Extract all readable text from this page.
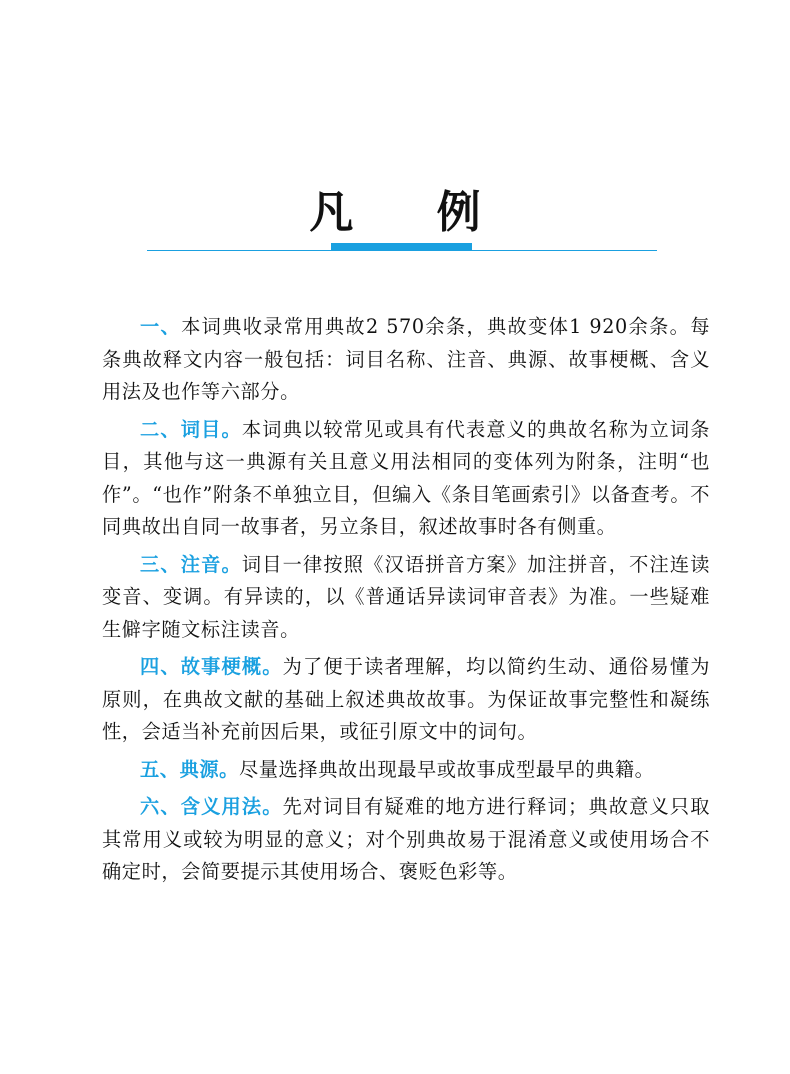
凡 例

一、本词典收录常用典故2 570余条，典故变体1 920余条。每条典故释文内容一般包括：词目名称、注音、典源、故事梗概、含义用法及也作等六部分。

二、词目。本词典以较常见或具有代表意义的典故名称为立词条目，其他与这一典源有关且意义用法相同的变体列为附条，注明“也作”。“也作”附条不单独立目，但编入《条目笔画索引》以备查考。不同典故出自同一故事者，另立条目，叙述故事时各有侧重。

三、注音。词目一律按照《汉语拼音方案》加注拼音，不注连读变音、变调。有异读的，以《普通话异读词审音表》为准。一些疑难生僻字随文标注读音。

四、故事梗概。为了便于读者理解，均以简约生动、通俗易懂为原则，在典故文献的基础上叙述典故故事。为保证故事完整性和凝练性，会适当补充前因后果，或征引原文中的词句。

五、典源。尽量选择典故出现最早或故事成型最早的典籍。

六、含义用法。先对词目有疑难的地方进行释词；典故意义只取其常用义或较为明显的意义；对个别典故易于混淆意义或使用场合不确定时，会简要提示其使用场合、褒贬色彩等。
